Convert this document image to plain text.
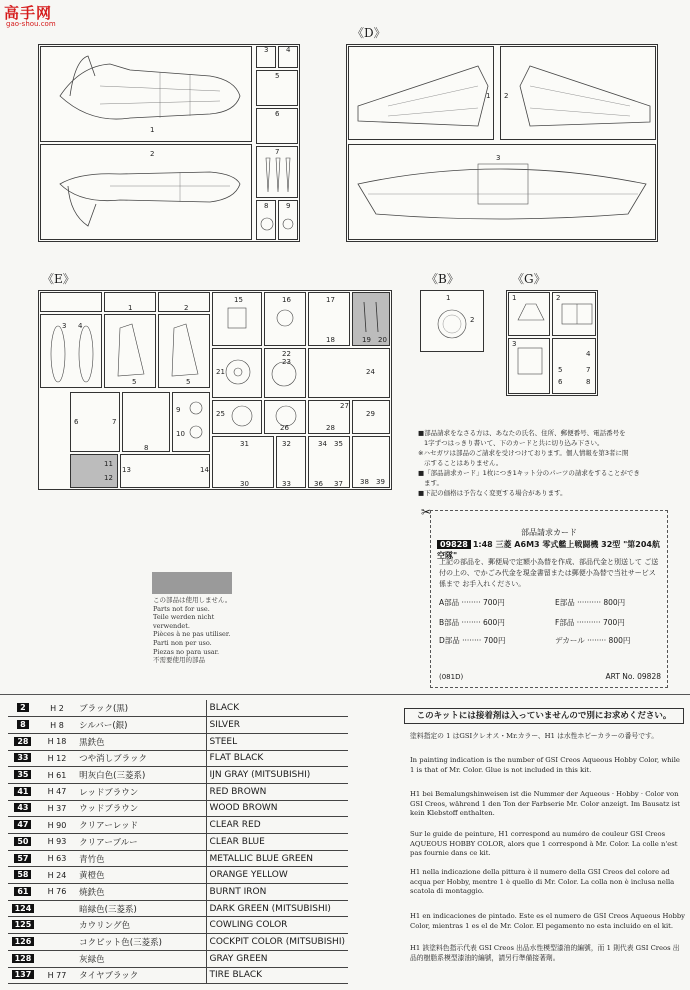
高手网
gao-shou.com
1
2
3	4
5
6
7
8	9
《D》
1 2
3
《E》
1	2
3 4
5	5
15	16	17
18	19 20
21
22
23
24
25
26
27
28
29
30
31	32
33
34 35
36 37 38 39
6	7
8
9
10
11
12
13	14
《B》
1
2
《G》
1	2
3
4
5
6
7
8
■部品請求をなさる方は、あなたの氏名、住所、郵便番号、電話番号を
1字ずつはっきり書いて、下のカードと共に切り込み下さい。
※ハセガワは部品のご請求を受けつけております。個人情報を第3者に開
示することはありません。
■「部品請求カード」1枚につき1キット分のパーツの請求をすることができ
ます。
■下記の価格は予告なく変更する場合があります。
✂
部品請求カード
09828 1:48 三菱 A6M3 零式艦上戦闘機 32型 "第204航空隊"
上記の部品を、郵便局で定額小為替を作成、部品代金と別送して ご送付の上の、でかごみ代金を現金書留または郵便小為替で当社サービス係まで お手入れください。
A部品 ········ 700円	E部品 ·········· 800円
B部品 ········ 600円	F部品 ·········· 700円
D部品 ········ 700円	デカール ········ 800円
(081D)	ART No. 09828
この部品は使用しません。
Parts not for use.
Teile werden nicht verwendet.
Pièces à ne pas utiliser.
Parti non per uso.
Piezas no para usar.
不需要使用的部品
2	H 2	ブラック(黒)	BLACK
8	H 8	シルバー(銀)	SILVER
28	H 18	黒鉄色	STEEL
33	H 12	つや消しブラック	FLAT BLACK
35	H 61	明灰白色(三菱系)	IJN GRAY (MITSUBISHI)
41	H 47	レッドブラウン	RED BROWN
43	H 37	ウッドブラウン	WOOD BROWN
47	H 90	クリアーレッド	CLEAR RED
50	H 93	クリアーブルー	CLEAR BLUE
57	H 63	青竹色	METALLIC BLUE GREEN
58	H 24	黄橙色	ORANGE YELLOW
61	H 76	焼鉄色	BURNT IRON
124		暗緑色(三菱系)	DARK GREEN (MITSUBISHI)
125		カウリング色	COWLING COLOR
126		コクピット色(三菱系)	COCKPIT COLOR (MITSUBISHI)
128		灰緑色	GRAY GREEN
137	H 77	タイヤブラック	TIRE BLACK
このキットには接着剤は入っていませんので別にお求めください。
塗料指定の 1 はGSIクレオス・Mr.カラー、H1 は水性ホビーカラーの番号です。
In painting indication is the number of GSI Creos Aqueous Hobby Color, while 1 is that of Mr. Color. Glue is not included in this kit.
H1 bei Bemalungshinweisen ist die Nummer der Aqueous · Hobby · Color von GSI Creos, während 1 den Ton der Farbserie Mr. Color anzeigt. Im Bausatz ist kein Klebstoff enthalten.
Sur le guide de peinture, H1 correspond au numéro de couleur GSI Creos AQUEOUS HOBBY COLOR, alors que 1 correspond à Mr. Color. La colle n'est pas fournie dans ce kit.
H1 nella indicazione della pittura è il numero della GSI Creos del colore ad acqua per Hobby, mentre 1 è quello di Mr. Color. La colla non è inclusa nella scatola di montaggio.
H1 en indicaciones de pintado. Este es el numero de GSI Creos Aqueous Hobby Color, mientras 1 es el de Mr. Color. El pegamento no esta incluido en el kit.
H1 該塗料色指示代表 GSI Creos 出品水性模型漆油的編號，而 1 則代表 GSI Creos 出品的樹脂系模型漆油的編號，請另行準備接著劑。
